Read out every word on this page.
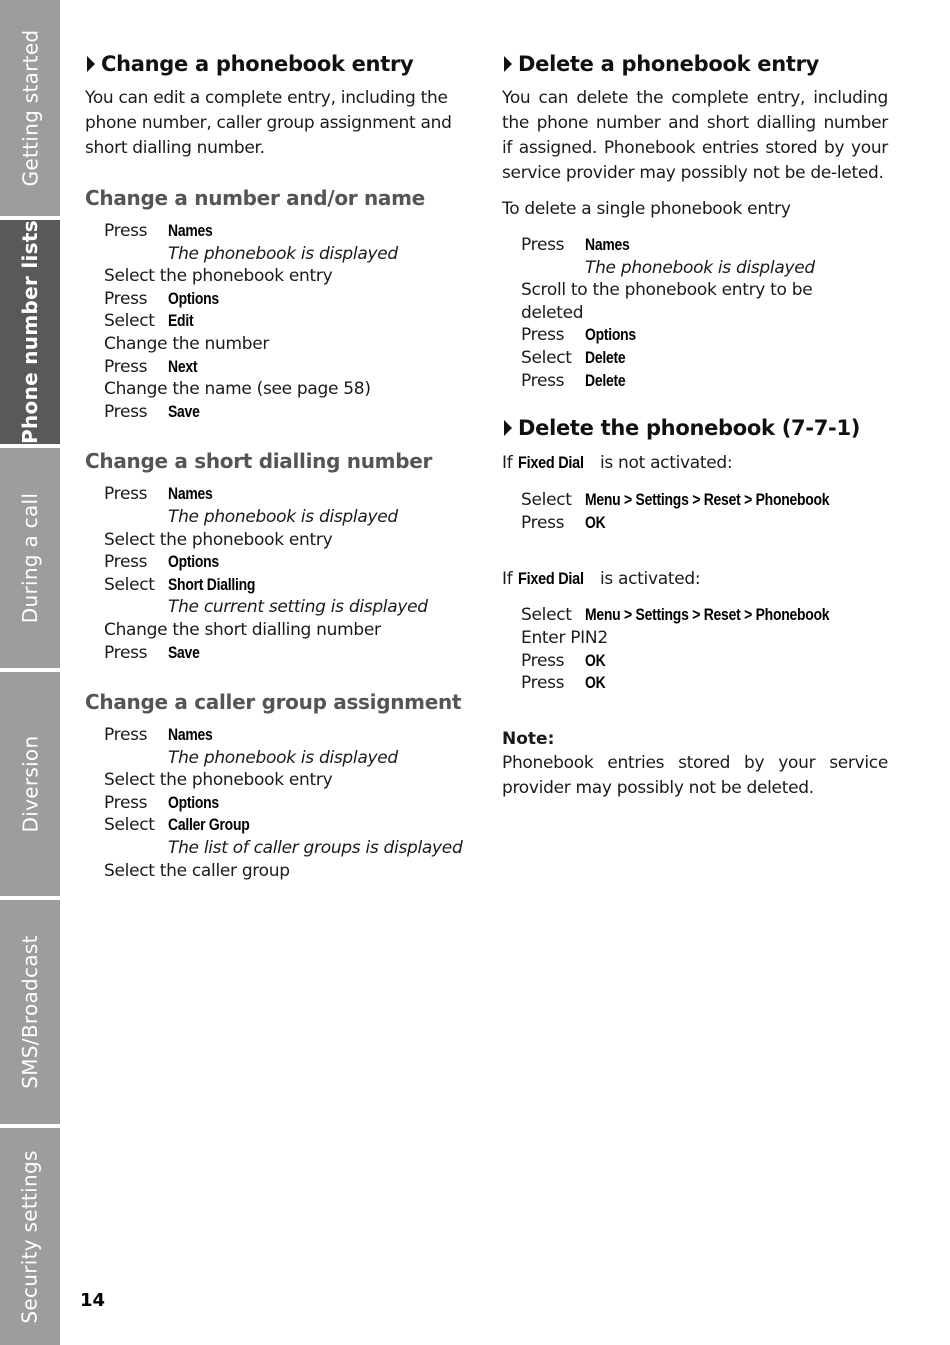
Getting started
Phone number lists
During a call
Diversion
SMS/Broadcast
Security settings
Change a phonebook entry

You can edit a complete entry, including the phone number, caller group assignment and short dialling number.

Change a number and/or name
Press	Names
The phonebook is displayed
Select the phonebook entry
Press	Options
Select Edit
Change the number
Press	Next
Change the name (see page 58)
Press	Save
Change a short dialling number
Press	Names
The phonebook is displayed
Select the phonebook entry
Press	Options
Select Short Dialling
The current setting is displayed
Change the short dialling number
Press	Save
Change a caller group assignment
Press	Names
The phonebook is displayed
Select the phonebook entry
Press	Options
Select Caller Group
The list of caller groups is displayed
Select the caller group
Delete a phonebook entry

You can delete the complete entry, including the phone number and short dialling number if assigned. Phonebook entries stored by your service provider may possibly not be de-leted.

To delete a single phonebook entry

Press	Names
The phonebook is displayed
Scroll to the phonebook entry to be deleted
Press	Options
Select Delete
Press	Delete
Delete the phonebook (7-7-1)

If Fixed Dial is not activated:

Select Menu > Settings > Reset > Phonebook
Press	OK

If Fixed Dial is activated:

Select Menu > Settings > Reset > Phonebook
Enter PIN2
Press	OK
Press	OK
Note:

Phonebook entries stored by your service provider may possibly not be deleted.

14
